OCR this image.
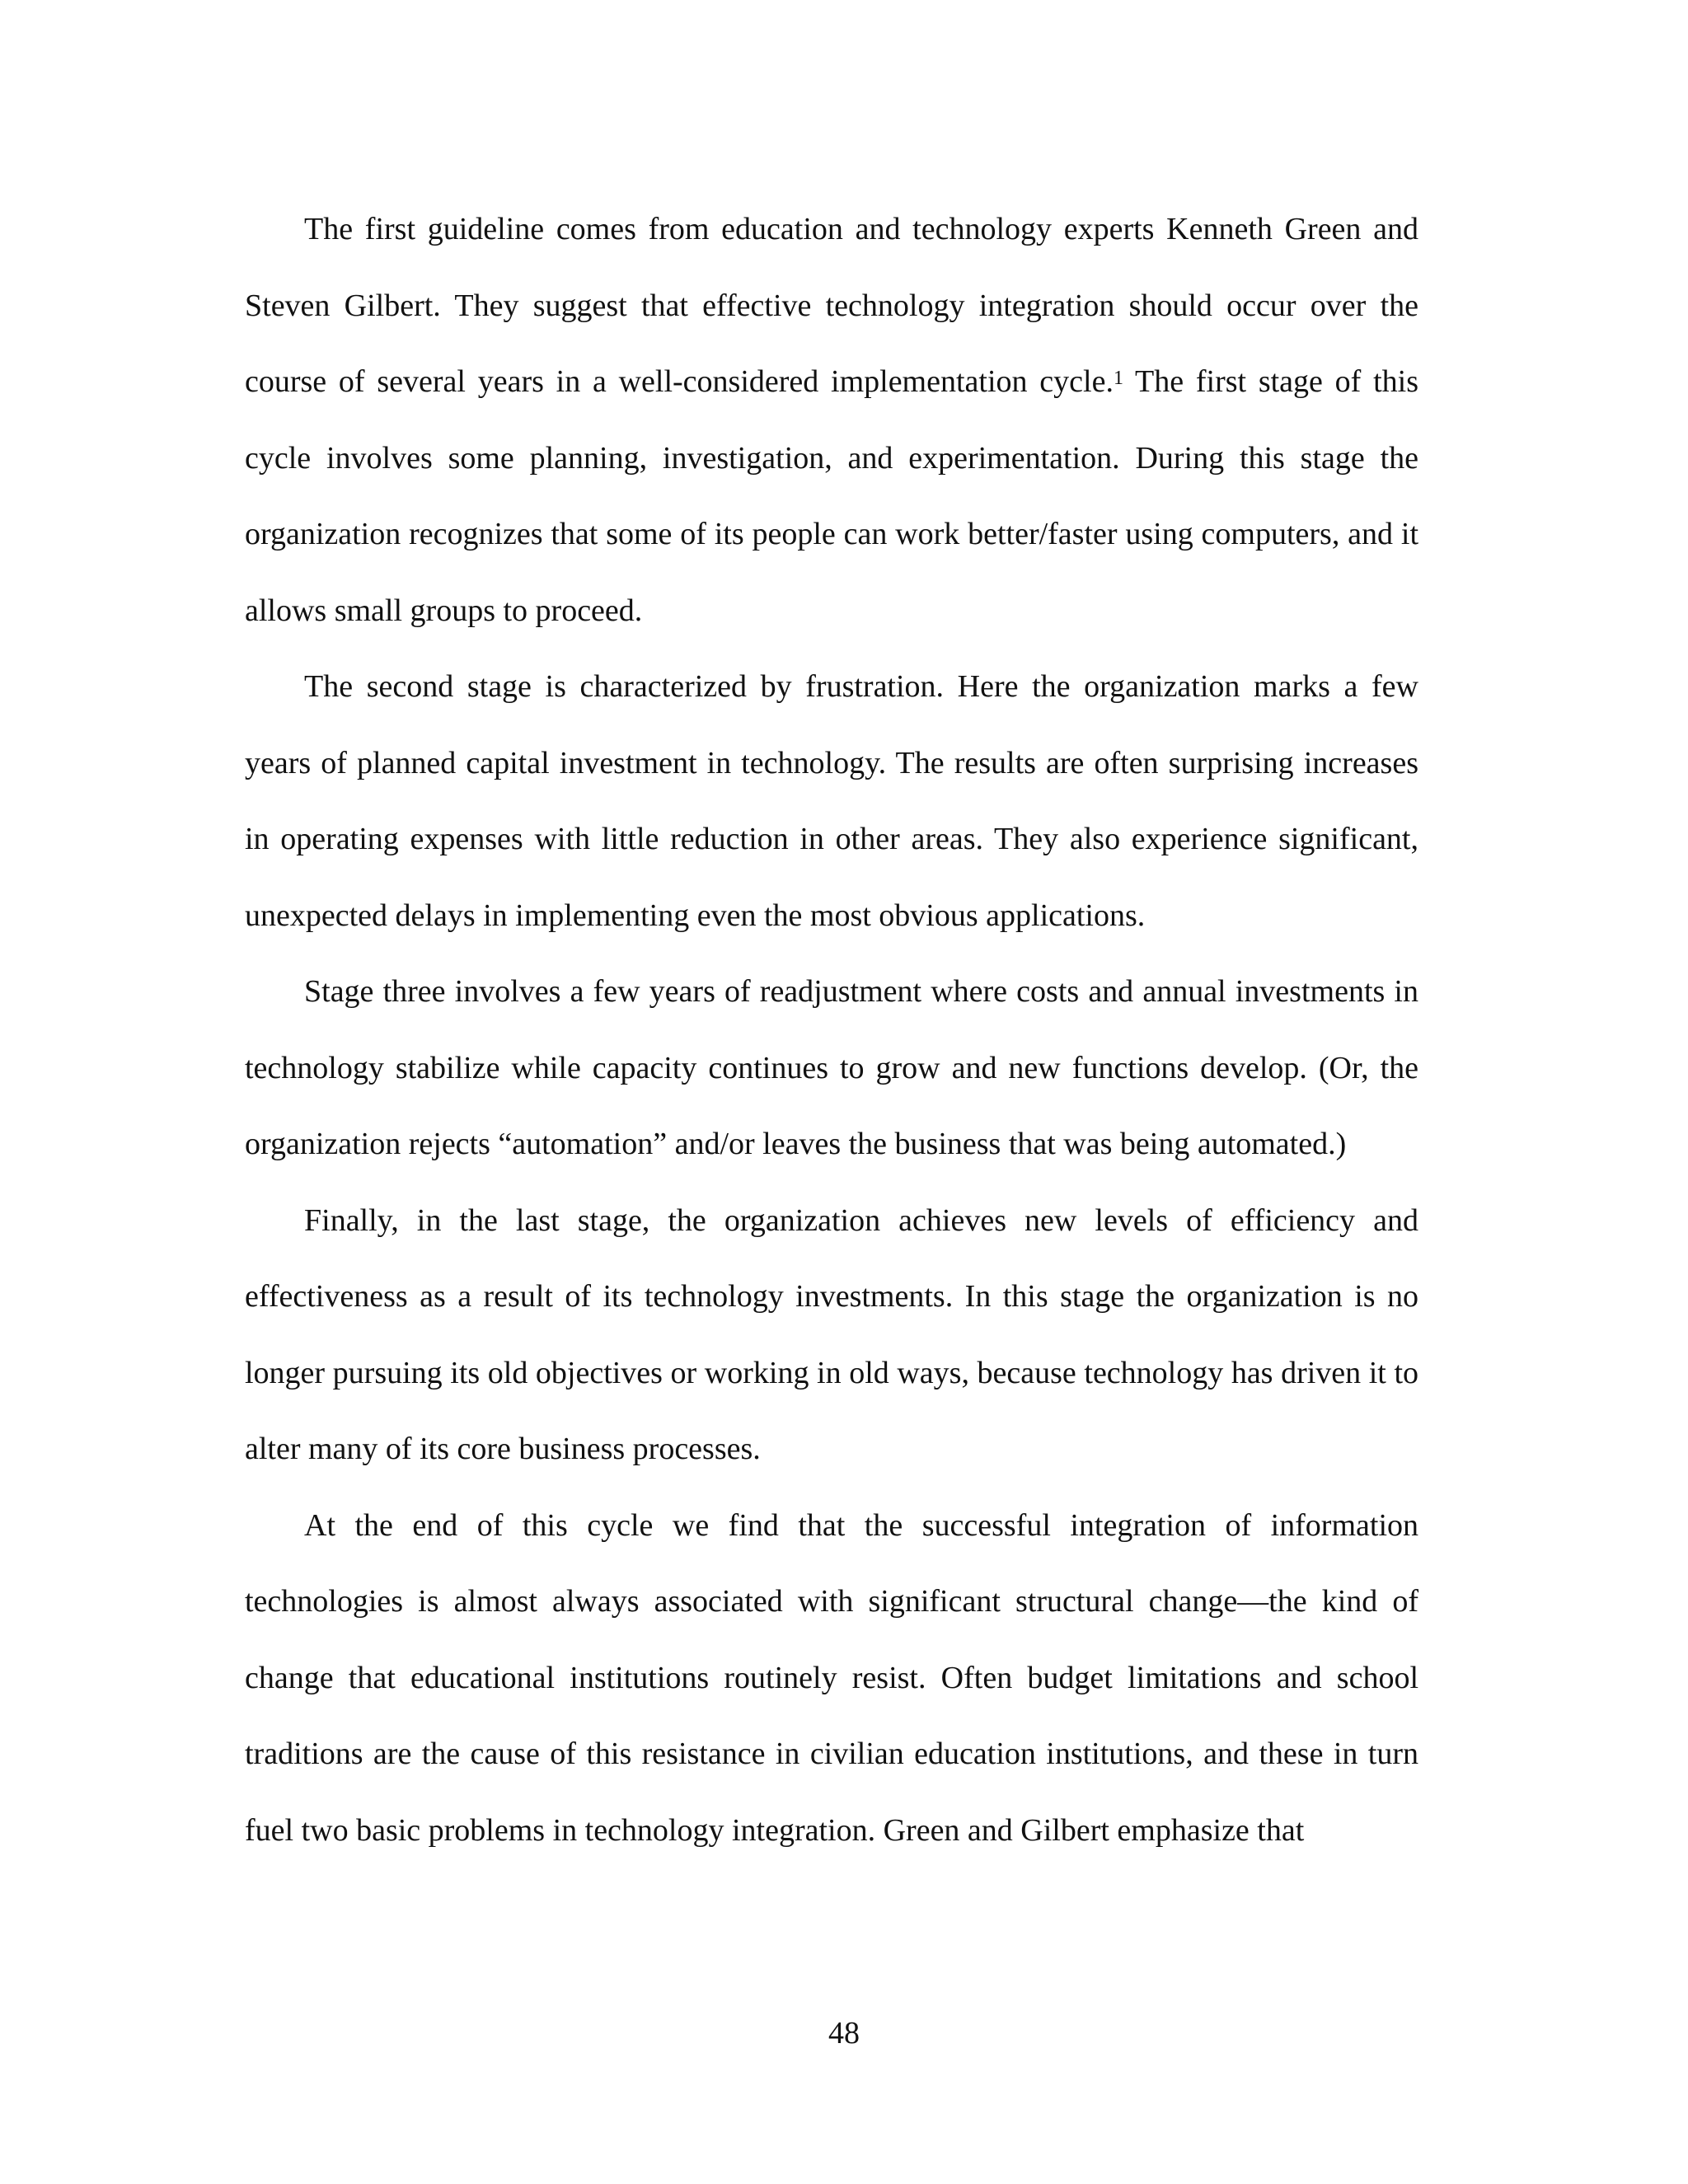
The first guideline comes from education and technology experts Kenneth Green and Steven Gilbert. They suggest that effective technology integration should occur over the course of several years in a well-considered implementation cycle.$^1$ The first stage of this cycle involves some planning, investigation, and experimentation. During this stage the organization recognizes that some of its people can work better/faster using computers, and it allows small groups to proceed.

The second stage is characterized by frustration. Here the organization marks a few years of planned capital investment in technology. The results are often surprising increases in operating expenses with little reduction in other areas. They also experience significant, unexpected delays in implementing even the most obvious applications.

Stage three involves a few years of readjustment where costs and annual investments in technology stabilize while capacity continues to grow and new functions develop. (Or, the organization rejects “automation” and/or leaves the business that was being automated.)

Finally, in the last stage, the organization achieves new levels of efficiency and effectiveness as a result of its technology investments. In this stage the organization is no longer pursuing its old objectives or working in old ways, because technology has driven it to alter many of its core business processes.

At the end of this cycle we find that the successful integration of information technologies is almost always associated with significant structural change—the kind of change that educational institutions routinely resist. Often budget limitations and school traditions are the cause of this resistance in civilian education institutions, and these in turn fuel two basic problems in technology integration. Green and Gilbert emphasize that

48
